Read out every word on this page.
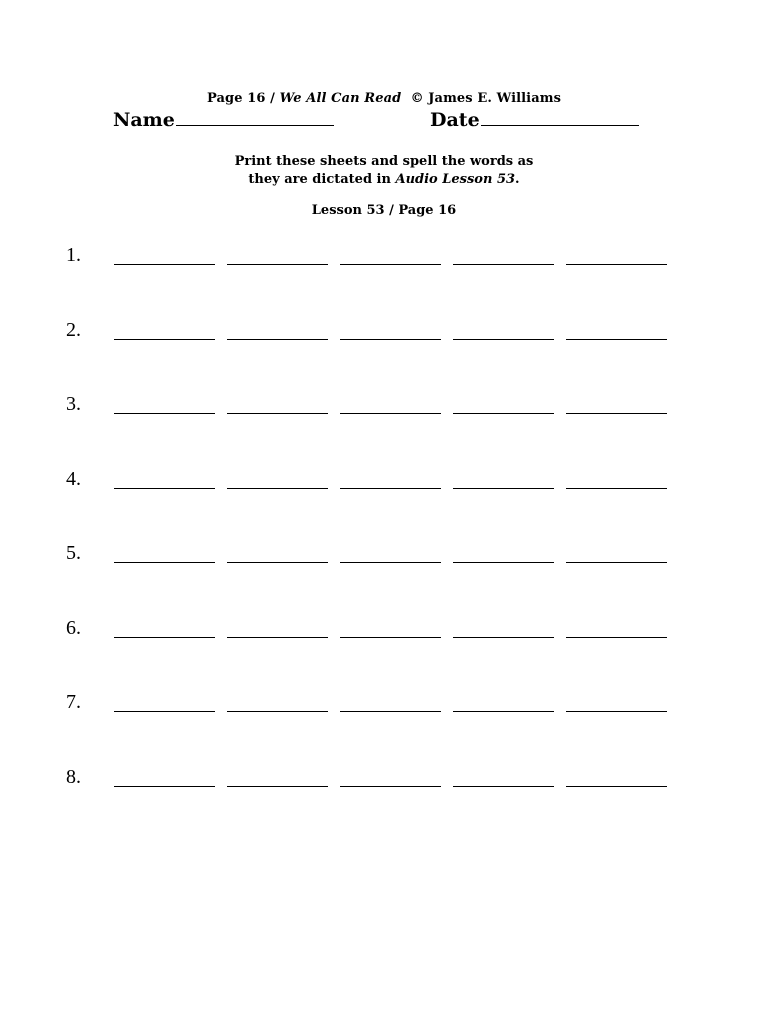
Page 16 / We All Can Read © James E. Williams
Name	Date
Print these sheets and spell the words as
they are dictated in Audio Lesson 53.
Lesson 53 / Page 16
1.
2.
3.
4.
5.
6.
7.
8.
